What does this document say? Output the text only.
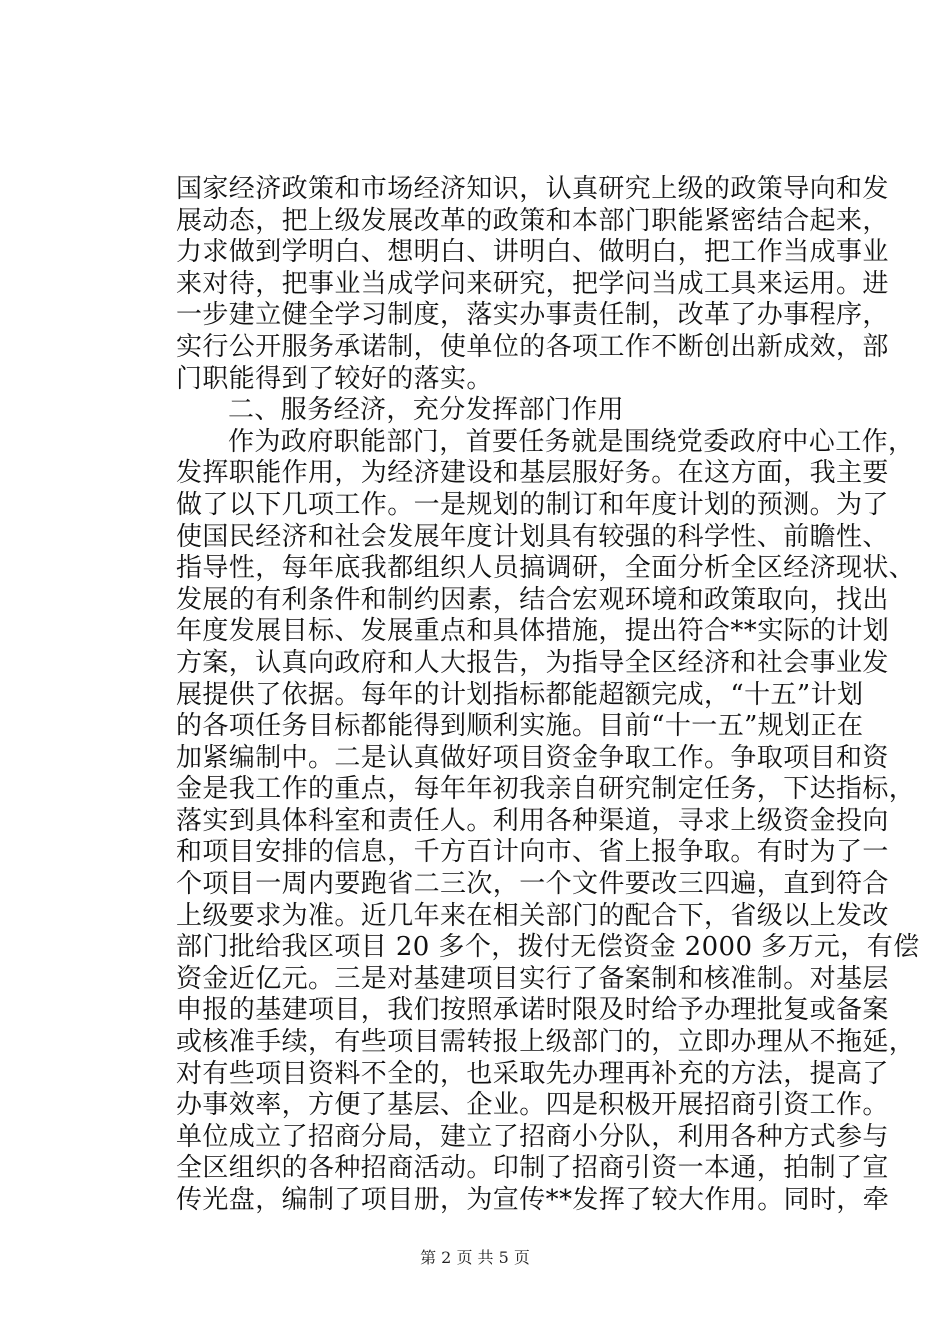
国家经济政策和市场经济知识，认真研究上级的政策导向和发
展动态，把上级发展改革的政策和本部门职能紧密结合起来，
力求做到学明白、想明白、讲明白、做明白，把工作当成事业
来对待，把事业当成学问来研究，把学问当成工具来运用。进
一步建立健全学习制度，落实办事责任制，改革了办事程序，
实行公开服务承诺制，使单位的各项工作不断创出新成效，部
门职能得到了较好的落实。
二、服务经济，充分发挥部门作用
作为政府职能部门，首要任务就是围绕党委政府中心工作，
发挥职能作用，为经济建设和基层服好务。在这方面，我主要
做了以下几项工作。一是规划的制订和年度计划的预测。为了
使国民经济和社会发展年度计划具有较强的科学性、前瞻性、
指导性，每年底我都组织人员搞调研，全面分析全区经济现状、
发展的有利条件和制约因素，结合宏观环境和政策取向，找出
年度发展目标、发展重点和具体措施，提出符合**实际的计划
方案，认真向政府和人大报告，为指导全区经济和社会事业发
展提供了依据。每年的计划指标都能超额完成，“十五”计划
的各项任务目标都能得到顺利实施。目前“十一五”规划正在
加紧编制中。二是认真做好项目资金争取工作。争取项目和资
金是我工作的重点，每年年初我亲自研究制定任务，下达指标，
落实到具体科室和责任人。利用各种渠道，寻求上级资金投向
和项目安排的信息，千方百计向市、省上报争取。有时为了一
个项目一周内要跑省二三次，一个文件要改三四遍，直到符合
上级要求为准。近几年来在相关部门的配合下，省级以上发改
部门批给我区项目 20 多个，拨付无偿资金 2000 多万元，有偿
资金近亿元。三是对基建项目实行了备案制和核准制。对基层
申报的基建项目，我们按照承诺时限及时给予办理批复或备案
或核准手续，有些项目需转报上级部门的，立即办理从不拖延，
对有些项目资料不全的，也采取先办理再补充的方法，提高了
办事效率，方便了基层、企业。四是积极开展招商引资工作。
单位成立了招商分局，建立了招商小分队，利用各种方式参与
全区组织的各种招商活动。印制了招商引资一本通，拍制了宣
传光盘，编制了项目册，为宣传**发挥了较大作用。同时，牵
第 2 页 共 5 页
